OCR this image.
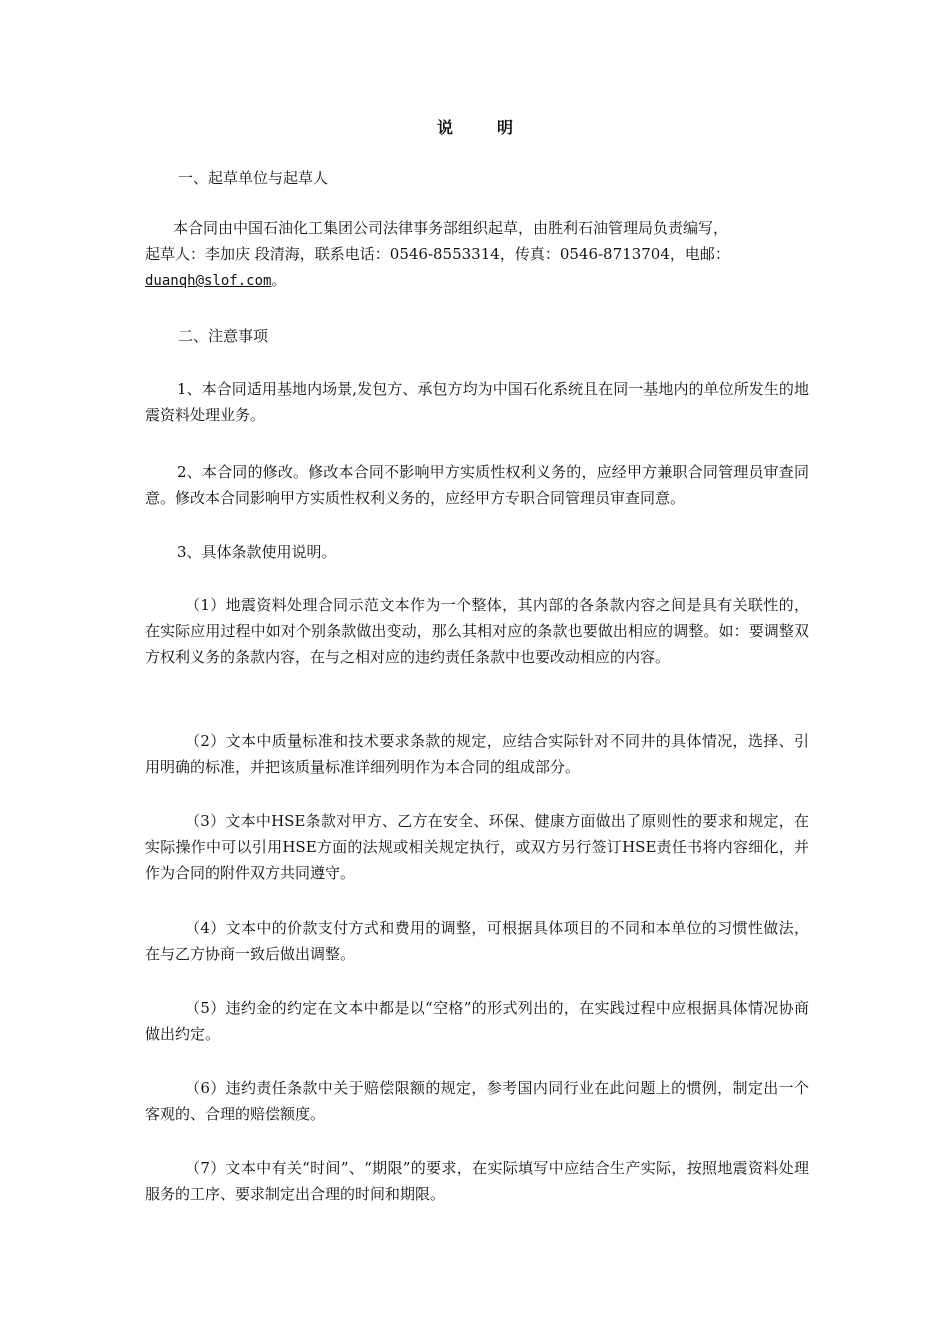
说明
一、起草单位与起草人
本合同由中国石油化工集团公司法律事务部组织起草，由胜利石油管理局负责编写，
起草人：李加庆 段清海，联系电话：0546-8553314，传真：0546-8713704，电邮：
duanqh@slof.com。
二、注意事项
1、本合同适用基地内场景,发包方、承包方均为中国石化系统且在同一基地内的单位所发生的地震资料处理业务。
2、本合同的修改。修改本合同不影响甲方实质性权利义务的，应经甲方兼职合同管理员审查同意。修改本合同影响甲方实质性权利义务的，应经甲方专职合同管理员审查同意。
3、具体条款使用说明。
（1）地震资料处理合同示范文本作为一个整体，其内部的各条款内容之间是具有关联性的，在实际应用过程中如对个别条款做出变动，那么其相对应的条款也要做出相应的调整。如：要调整双方权利义务的条款内容，在与之相对应的违约责任条款中也要改动相应的内容。
（2）文本中质量标准和技术要求条款的规定，应结合实际针对不同井的具体情况，选择、引用明确的标准，并把该质量标准详细列明作为本合同的组成部分。
（3）文本中HSE条款对甲方、乙方在安全、环保、健康方面做出了原则性的要求和规定，在实际操作中可以引用HSE方面的法规或相关规定执行，或双方另行签订HSE责任书将内容细化，并作为合同的附件双方共同遵守。
（4）文本中的价款支付方式和费用的调整，可根据具体项目的不同和本单位的习惯性做法，在与乙方协商一致后做出调整。
（5）违约金的约定在文本中都是以“空格”的形式列出的，在实践过程中应根据具体情况协商做出约定。
（6）违约责任条款中关于赔偿限额的规定，参考国内同行业在此问题上的惯例，制定出一个客观的、合理的赔偿额度。
（7）文本中有关“时间”、“期限”的要求，在实际填写中应结合生产实际，按照地震资料处理服务的工序、要求制定出合理的时间和期限。
